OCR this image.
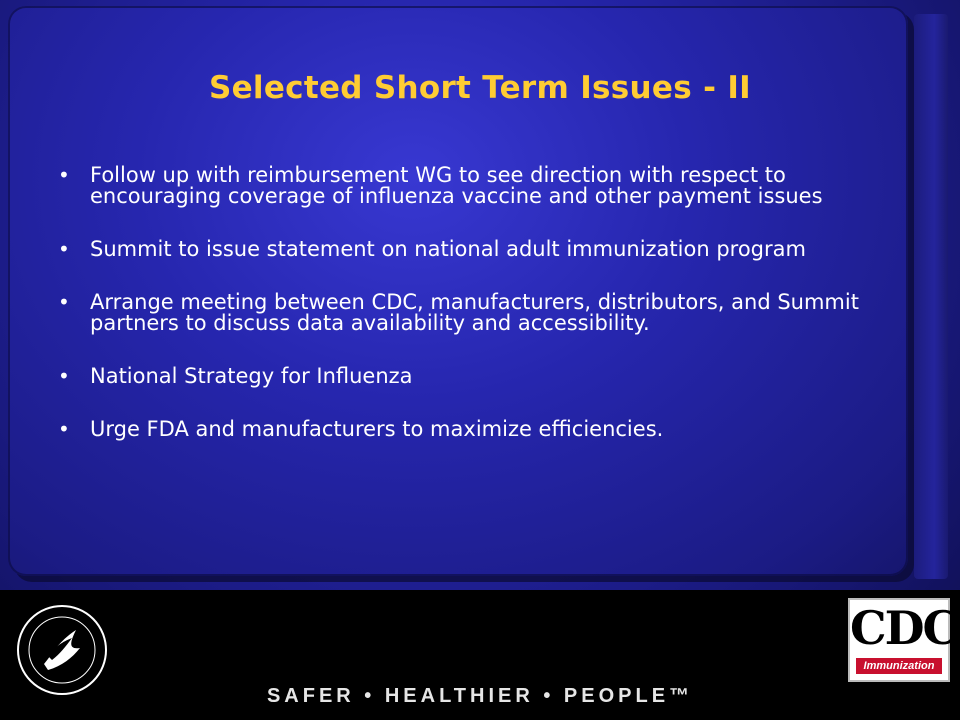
Selected Short Term Issues - II
• Follow up with reimbursement WG to see direction with respect to encouraging coverage of influenza vaccine and other payment issues
• Summit to issue statement on national adult immunization program
• Arrange meeting between CDC, manufacturers, distributors, and Summit partners to discuss data availability and accessibility.
• National Strategy for Influenza
• Urge FDA and manufacturers to maximize efficiencies.
CDC
Immunization

SAFER • HEALTHIER • PEOPLE™
